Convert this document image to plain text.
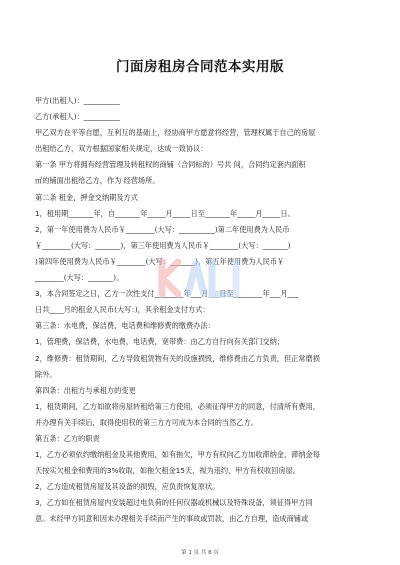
门面房租房合同范本实用版
甲方(出租人)：__________
乙方(承租人)：__________
甲乙双方在平等自愿，互利互的基础上，经协商甲方愿意将经营，管理权属于自己的房屋
出租给乙方，双方根据国家相关规定，达成一致协议：
第一条 甲方将拥有经营管理及转租权的商铺（合同标的）号共 间，合同约定套内面积
㎡的铺面出租给乙方，作为 经营场所。
第二条 租金，押金交纳期及方式
1，租用期_______年，自_______年_____月_____日至_______年_____月_____日。
2，第一年使用费为人民币￥________(大写：__________)第二年使用费为人民币
￥________(大写：_______)，第三年使用费为人民币￥________(大写：_______)
)第四年使用费为人民币￥________(大写：_______)，第五年使用费为人民币￥
________(大写：_______)。
3，本合同签定之日，乙方一次性支付________年___月___日至________年___月___
日共____月的租金人民币(大写：)，其余租金支付方式：
第三条：水电费，保洁费，电话费和维修费的缴费办法：
1，管理费，保洁费，水电费，电话费，宽带费：由乙方自行向有关部门交纳；
2，维修费：租赁期间，乙方导致租赁物有关的设施损毁，维修费由乙方负责，但正常磨损
除外。
第四条：出租方与承租方的变更
1，租赁期间，乙方如欲将房屋转租给第三方使用，必须征得甲方的同意，付清所有费用，
并办理有关手续后，取得使用权的第三方方可成为本合同的当然乙方。
第五条：乙方的职责
1，乙方必须依约缴纳租金及其他费用，如有拖欠，甲方有权向乙方加收滞纳金，滞纳金每
天按实欠租金和费用的3%收取，如拖欠租金15天，视为违约，甲方有权收回房屋。
2，乙方造成租赁房屋及其设备的损毁，应负责恢复原状。
3，乙方如在租赁房屋内安装超过电负荷的任何仪器或机械以及特殊设备，须征得甲方同
意。未经甲方同意和因未办理相关手续而产生的事故或罚款，由乙方自理，造成商铺或
第 1 页 共 8 页
